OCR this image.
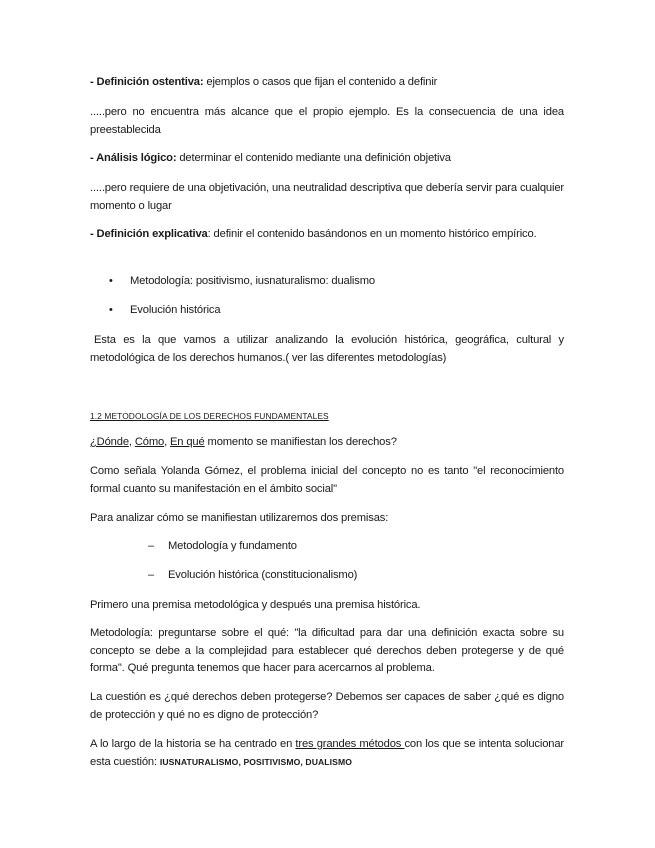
- Definición ostentiva: ejemplos o casos que fijan el contenido a definir

.....pero no encuentra más alcance que el propio ejemplo. Es la consecuencia de una idea preestablecida

- Análisis lógico: determinar el contenido mediante una definición objetiva

.....pero requiere de una objetivación, una neutralidad descriptiva que debería servir para cualquier momento o lugar

- Definición explicativa: definir el contenido basándonos en un momento histórico empírico.

• Metodología: positivismo, iusnaturalismo: dualismo
• Evolución histórica

Esta es la que vamos a utilizar analizando la evolución histórica, geográfica, cultural y metodológica de los derechos humanos.( ver las diferentes metodologías)

1.2 METODOLOGÍA DE LOS DERECHOS FUNDAMENTALES

¿Dónde, Cómo, En qué momento se manifiestan los derechos?

Como señala Yolanda Gómez, el problema inicial del concepto no es tanto "el reconocimiento formal cuanto su manifestación en el ámbito social"

Para analizar cómo se manifiestan utilizaremos dos premisas:

– Metodología y fundamento
– Evolución histórica (constitucionalismo)

Primero una premisa metodológica y después una premisa histórica.

Metodología: preguntarse sobre el qué: "la dificultad para dar una definición exacta sobre su concepto se debe a la complejidad para establecer qué derechos deben protegerse y de qué forma". Qué pregunta tenemos que hacer para acercarnos al problema.

La cuestión es ¿qué derechos deben protegerse? Debemos ser capaces de saber ¿qué es digno de protección y qué no es digno de protección?

A lo largo de la historia se ha centrado en tres grandes métodos con los que se intenta solucionar esta cuestión: IUSNATURALISMO, POSITIVISMO, DUALISMO
